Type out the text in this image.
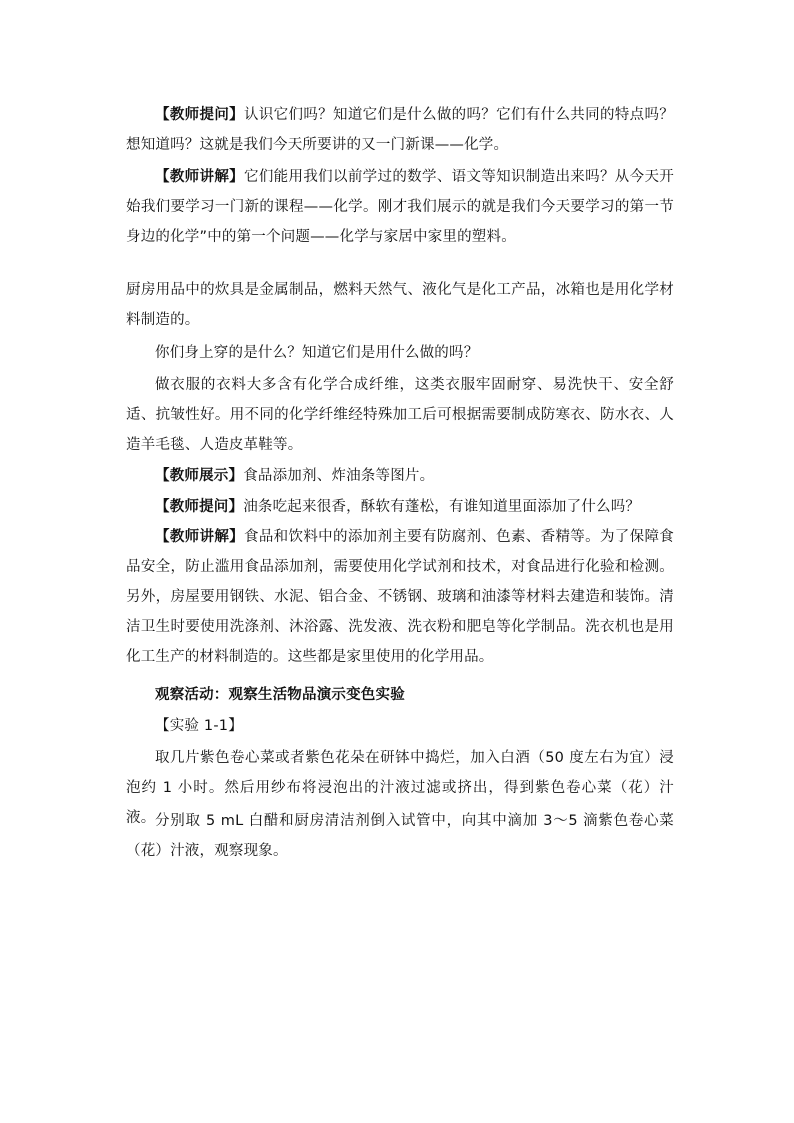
【教师提问】认识它们吗？知道它们是什么做的吗？它们有什么共同的特点吗？想知道吗？这就是我们今天所要讲的又一门新课——化学。

【教师讲解】它们能用我们以前学过的数学、语文等知识制造出来吗？从今天开始我们要学习一门新的课程——化学。刚才我们展示的就是我们今天要学习的第一节身边的化学”中的第一个问题——化学与家居中家里的塑料。

厨房用品中的炊具是金属制品，燃料天然气、液化气是化工产品，冰箱也是用化学材料制造的。

你们身上穿的是什么？知道它们是用什么做的吗？

做衣服的衣料大多含有化学合成纤维，这类衣服牢固耐穿、易洗快干、安全舒适、抗皱性好。用不同的化学纤维经特殊加工后可根据需要制成防寒衣、防水衣、人造羊毛毯、人造皮革鞋等。

【教师展示】食品添加剂、炸油条等图片。

【教师提问】油条吃起来很香，酥软有蓬松，有谁知道里面添加了什么吗？

【教师讲解】食品和饮料中的添加剂主要有防腐剂、色素、香精等。为了保障食品安全，防止滥用食品添加剂，需要使用化学试剂和技术，对食品进行化验和检测。另外，房屋要用钢铁、水泥、铝合金、不锈钢、玻璃和油漆等材料去建造和装饰。清洁卫生时要使用洗涤剂、沐浴露、洗发液、洗衣粉和肥皂等化学制品。洗衣机也是用化工生产的材料制造的。这些都是家里使用的化学用品。

观察活动：观察生活物品演示变色实验

【实验 1-1】

取几片紫色卷心菜或者紫色花朵在研钵中捣烂，加入白酒（50 度左右为宜）浸泡约 1 小时。然后用纱布将浸泡出的汁液过滤或挤出，得到紫色卷心菜（花）汁液。 分别取 5 mL 白醋和厨房清洁剂倒入试管中，向其中滴加 3～5 滴紫色卷心菜（花）汁液，观察现象。
